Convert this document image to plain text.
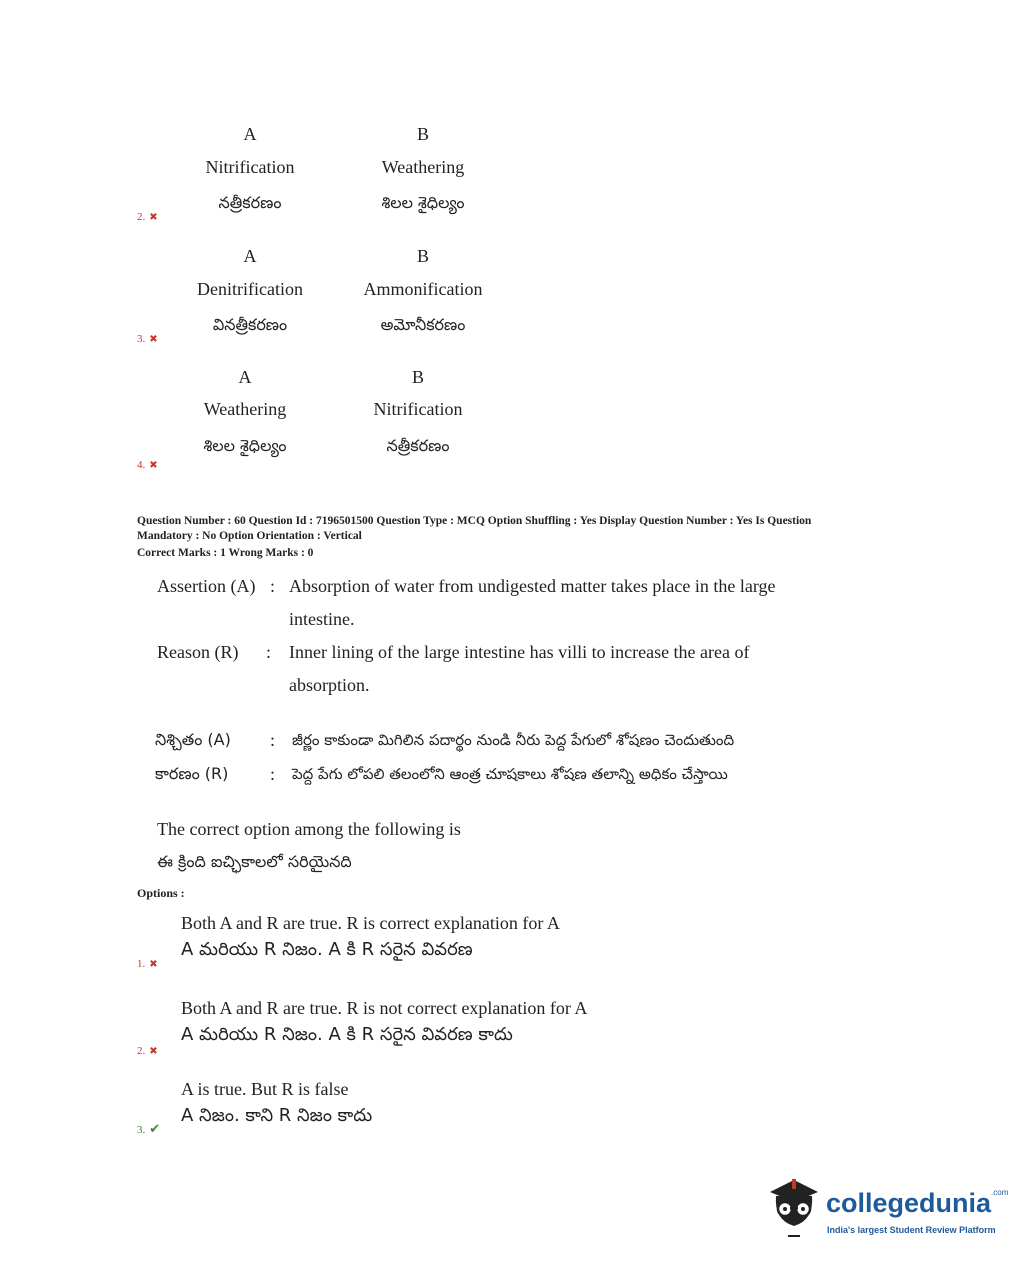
A	B
Nitrification	Weathering
నత్రీకరణం	శిలల శైధిల్యం
2. ✖
A	B
Denitrification	Ammonification
వినత్రీకరణం	అమోనీకరణం
3. ✖
A	B
Weathering	Nitrification
శిలల శైధిల్యం	నత్రీకరణం
4. ✖
Question Number : 60 Question Id : 7196501500 Question Type : MCQ Option Shuffling : Yes Display Question Number : Yes Is Question
Mandatory : No Option Orientation : Vertical
Correct Marks : 1 Wrong Marks : 0
Assertion (A) : Absorption of water from undigested matter takes place in the large
intestine.
Reason (R) : Inner lining of the large intestine has villi to increase the area of
absorption.
నిశ్చితం (A) : జీర్ణం కాకుండా మిగిలిన పదార్థం నుండి నీరు పెద్ద పేగులో శోషణం చెందుతుంది
కారణం (R) : పెద్ద పేగు లోపలి తలంలోని ఆంత్ర చూషకాలు శోషణ తలాన్ని అధికం చేస్తాయి
The correct option among the following is
ఈ క్రింది ఐచ్ఛికాలలో సరియైనది
Options :
Both A and R are true. R is correct explanation for A
A మరియు R నిజం. A కి R సరైన వివరణ
1. ✖
Both A and R are true. R is not correct explanation for A
A మరియు R నిజం. A కి R సరైన వివరణ కాదు
2. ✖
A is true. But R is false
A నిజం. కాని R నిజం కాదు
3. ✔
collegedunia$^{.com}$
India's largest Student Review Platform
